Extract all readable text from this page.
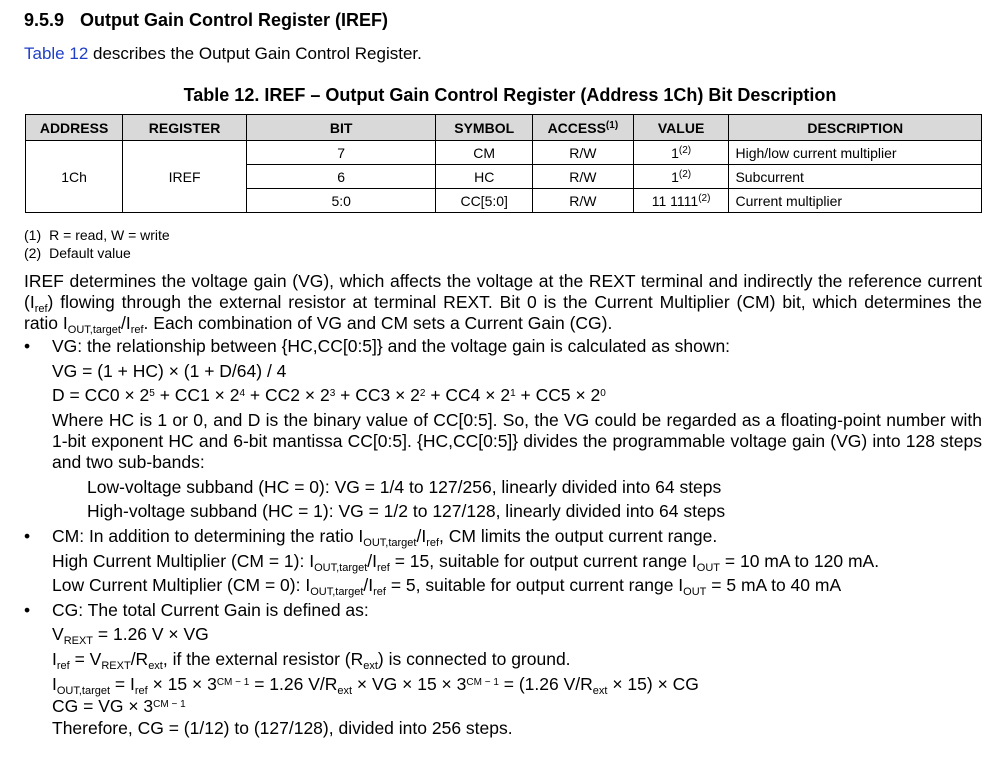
9.5.9 Output Gain Control Register (IREF)
Table 12 describes the Output Gain Control Register.
Table 12. IREF – Output Gain Control Register (Address 1Ch) Bit Description
ADDRESS	REGISTER	BIT	SYMBOL	ACCESS$^{(1)}$	VALUE	DESCRIPTION
1Ch	IREF	7	CM	R/W	1$^{(2)}$	High/low current multiplier
		6	HC	R/W	1$^{(2)}$	Subcurrent
		5:0	CC[5:0]	R/W	11 1111$^{(2)}$	Current multiplier
(1) R = read, W = write
(2) Default value
IREF determines the voltage gain (VG), which affects the voltage at the REXT terminal and indirectly the reference current $(I_{ref})$ flowing through the external resistor at terminal REXT. Bit 0 is the Current Multiplier (CM) bit, which determines the ratio $I_{OUT,target}/I_{ref}$. Each combination of VG and CM sets a Current Gain (CG).
• VG: the relationship between {HC,CC[0:5]} and the voltage gain is calculated as shown:
VG = (1 + HC) × (1 + D/64) / 4
$D = CC0 \times 2^5 + CC1 \times 2^4 + CC2 \times 2^3 + CC3 \times 2^2 + CC4 \times 2^1 + CC5 \times 2^0$
Where HC is 1 or 0, and D is the binary value of CC[0:5]. So, the VG could be regarded as a floating-point number with 1-bit exponent HC and 6-bit mantissa CC[0:5]. {HC,CC[0:5]} divides the programmable voltage gain (VG) into 128 steps and two sub-bands:
Low-voltage subband (HC = 0): VG = 1/4 to 127/256, linearly divided into 64 steps
High-voltage subband (HC = 1): VG = 1/2 to 127/128, linearly divided into 64 steps
• CM: In addition to determining the ratio $I_{OUT,target}/I_{ref}$, CM limits the output current range.
High Current Multiplier (CM = 1): $I_{OUT,target}/I_{ref} = 15$, suitable for output current range $I_{OUT} = 10$ mA to 120 mA.
Low Current Multiplier (CM = 0): $I_{OUT,target}/I_{ref} = 5$, suitable for output current range $I_{OUT} = 5$ mA to 40 mA
• CG: The total Current Gain is defined as:
$V_{REXT} = 1.26$ V × VG
$I_{ref} = V_{REXT}/R_{ext}$, if the external resistor $(R_{ext})$ is connected to ground.
$I_{OUT,target} = I_{ref} \times 15 \times 3^{CM - 1} = 1.26$ $V/R_{ext}$ × VG × $15 \times 3^{CM - 1} = (1.26$ $V/R_{ext} \times 15$) × CG
CG = VG × $3^{CM - 1}$
Therefore, CG = (1/12) to (127/128), divided into 256 steps.
